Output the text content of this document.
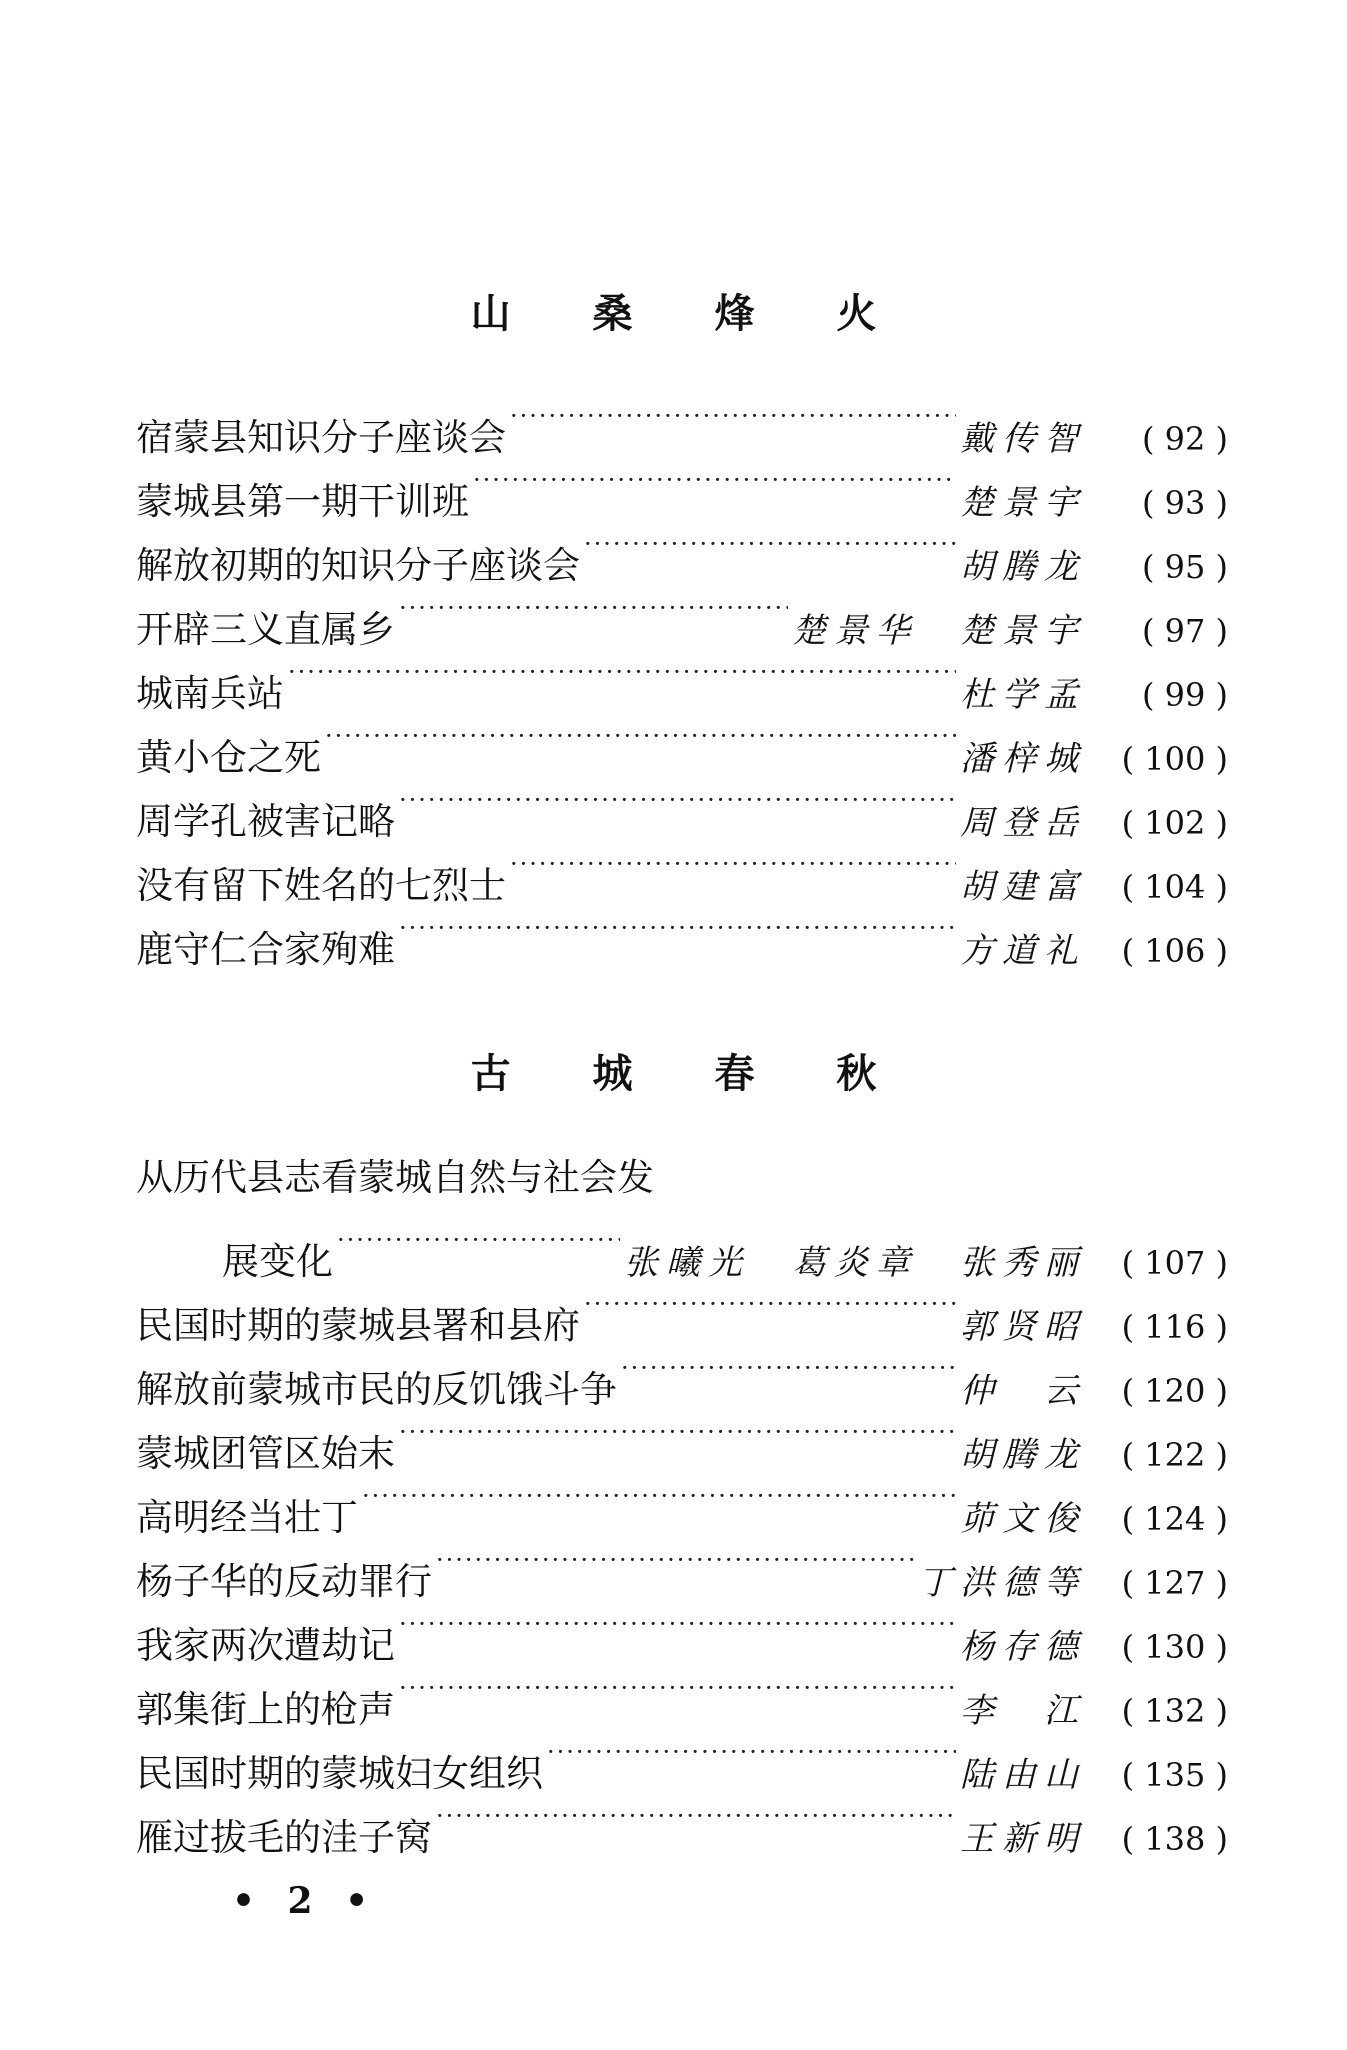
山 桑 烽 火
宿蒙县知识分子座谈会 ·····	戴传智	( 92 )
蒙城县第一期干训班 ·····	楚景宇	( 93 )
解放初期的知识分子座谈会 ·····	胡腾龙	( 95 )
开辟三义直属乡 ·····	楚景华　楚景宇	( 97 )
城南兵站 ·····	杜学孟	( 99 )
黄小仓之死 ·····	潘梓城	( 100 )
周学孔被害记略 ·····	周登岳	( 102 )
没有留下姓名的七烈士 ·····	胡建富	( 104 )
鹿守仁合家殉难 ·····	方道礼	( 106 )
古 城 春 秋
从历代县志看蒙城自然与社会发
展变化 ·····	张曦光　葛炎章　张秀丽	( 107 )
民国时期的蒙城县署和县府 ·····	郭贤昭	( 116 )
解放前蒙城市民的反饥饿斗争 ·····	仲　云	( 120 )
蒙城团管区始末 ·····	胡腾龙	( 122 )
高明经当壮丁 ·····	茆文俊	( 124 )
杨子华的反动罪行 ·····	丁洪德等	( 127 )
我家两次遭劫记 ·····	杨存德	( 130 )
郭集街上的枪声 ·····	李　江	( 132 )
民国时期的蒙城妇女组织 ·····	陆由山	( 135 )
雁过拔毛的洼子窝 ·····	王新明	( 138 )
• 2 •
